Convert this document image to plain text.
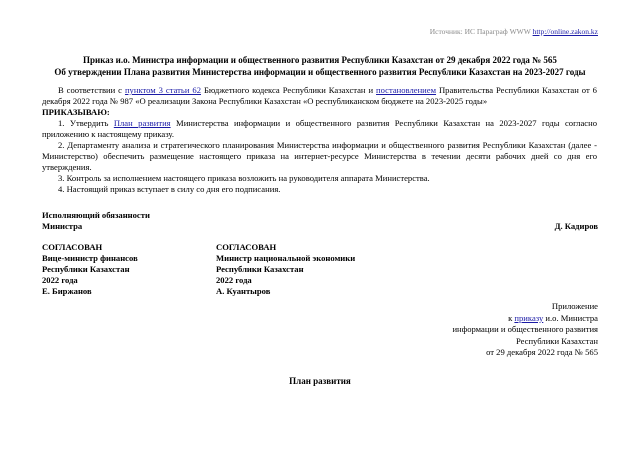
Источник: ИС Параграф WWW http://online.zakon.kz
Приказ и.о. Министра информации и общественного развития Республики Казахстан от 29 декабря 2022 года № 565
Об утверждении Плана развития Министерства информации и общественного развития Республики Казахстан на 2023-2027 годы

В соответствии с пунктом 3 статьи 62 Бюджетного кодекса Республики Казахстан и постановлением Правительства Республики Казахстан от 6 декабря 2022 года № 987 «О реализации Закона Республики Казахстан «О республиканском бюджете на 2023-2025 годы»

ПРИКАЗЫВАЮ:

1. Утвердить План развития Министерства информации и общественного развития Республики Казахстан на 2023-2027 годы согласно приложению к настоящему приказу.

2. Департаменту анализа и стратегического планирования Министерства информации и общественного развития Республики Казахстан (далее - Министерство) обеспечить размещение настоящего приказа на интернет-ресурсе Министерства в течении десяти рабочих дней со дня его утверждения.

3. Контроль за исполнением настоящего приказа возложить на руководителя аппарата Министерства.

4. Настоящий приказ вступает в силу со дня его подписания.

Исполняющий обязанности
Министра	Д. Кадиров
СОГЛАСОВАН
Вице-министр финансов
Республики Казахстан
2022 года
Е. Биржанов
СОГЛАСОВАН
Министр национальной экономики
Республики Казахстан
2022 года
А. Куантыров
Приложение
к приказу и.о. Министра
информации и общественного развития
Республики Казахстан
от 29 декабря 2022 года № 565
План развития
